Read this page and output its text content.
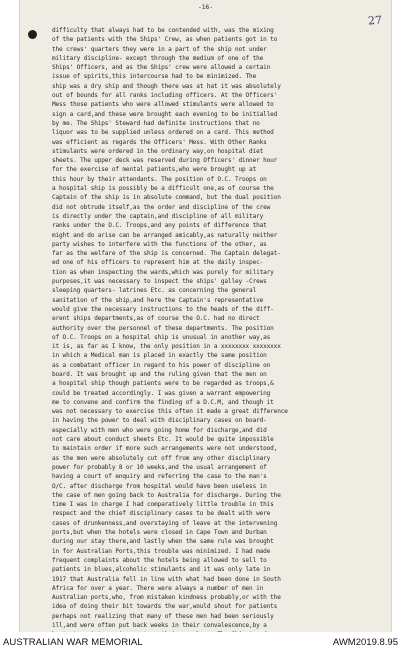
-16-

27

difficulty that always had to be contended with, was the mixing
of the patients with the Ships' Crew, as when patients got in to
the crews' quarters they were in a part of the ship not under
military discipline- except through the medium of one of the
Ships' Officers, and as the Ships' crew were allowed a certain
issue of spirits,this intercourse had to be minimized. The
ship was a dry ship and though there was at hat it was absolutely
out of bounds for all ranks including officers. At the Officers'
Mess those patients who were allowed stimulants were allowed to
sign a card,and these were brought each evening to be initialled
by me. The Ships' Steward had definite instructions that no
liquor was to be supplied unless ordered on a card. This method
was efficient as regards the Officers' Mess. With Other Ranks
stimulants were ordered in the ordinary way,on hospital diet
sheets. The upper deck was reserved during Officers' dinner hour
for the exercise of mental patients,who were brought up at
this hour by their attendants. The position of O.C. Troops on
a hospital ship is possibly be a difficult one,as of course the
Captain of the ship is in absolute command, but the dual position
did not obtrude itself,as the order and discipline of the crew
is directly under the captain,and discipline of all military
ranks under the O.C. Troops,and any points of difference that
might and do arise can be arranged amicably,as naturally neither
party wishes to interfere with the functions of the other, as
far as the welfare of the ship is concerned. The Captain delegat-
ed one of his officers to represent him at the daily inspec-
tion as when inspecting the wards,which was purely for military
purposes,it was necessary to inspect the ships' galley -Crews
sleeping quarters- latrines Etc. as concerning the general
sanitation of the ship,and here the Captain's representative
would give the necessary instructions to the heads of the diff-
erent ships departments,as of course the O.C. had no direct
authority over the personnel of these departments. The position
of O.C. Troops on a hospital ship is unusual in another way,as
it is, as far as I know, the only position in a xxxxxxxx xxxxxxxx
in which a Medical man is placed in exactly the same position
as a combatant officer in regard to his power of discipline on
board. It was brought up and the ruling given that the men on
a hospital ship though patients were to be regarded as troops,&
could be treated accordingly. I was given a warrant empowering
me to convene and confirm the finding of a D.C.M, and though it
was not necessary to exercise this often it made a great difference
in having the power to deal with disciplinary cases on board-
especially with men who were going home for discharge,and did
not care about conduct sheets Etc. It would be quite impossible
to maintain order if more such arrangements were not understood,
as the men were absolutely cut off from any other disciplinary
power for probably 8 or 10 weeks,and the usual arrangement of
having a court of enquiry and referring the case to the man's
O/C. after discharge from hospital would have been useless in
the case of men going back to Australia for discharge. During the
time I was in charge I had comparatively little trouble in this
respect and the chief disciplinary cases to be dealt with were
cases of drunkenness,and overstaying of leave at the intervening
ports,but when the hotels were closed in Cape Town and Durban
during our stay there,and lastly when the same rule was brought
in for Australian Ports,this trouble was minimized. I had made
frequent complaints about the hotels being allowed to sell to
patients in blues,alcoholic stimulants and it was only late in
1917 that Australia fell in line with what had been done in South
Africa for over a year. There were always a number of men in
Australian ports,who, from mistaken kindness probably,or with the
idea of doing their bit towards the war,would shout for patients
perhaps not realizing that many of these men had been seriously
ill,and were often put back weeks in their convalescence,by a

AUSTRALIAN WAR MEMORIAL	AWM2019.8.95
